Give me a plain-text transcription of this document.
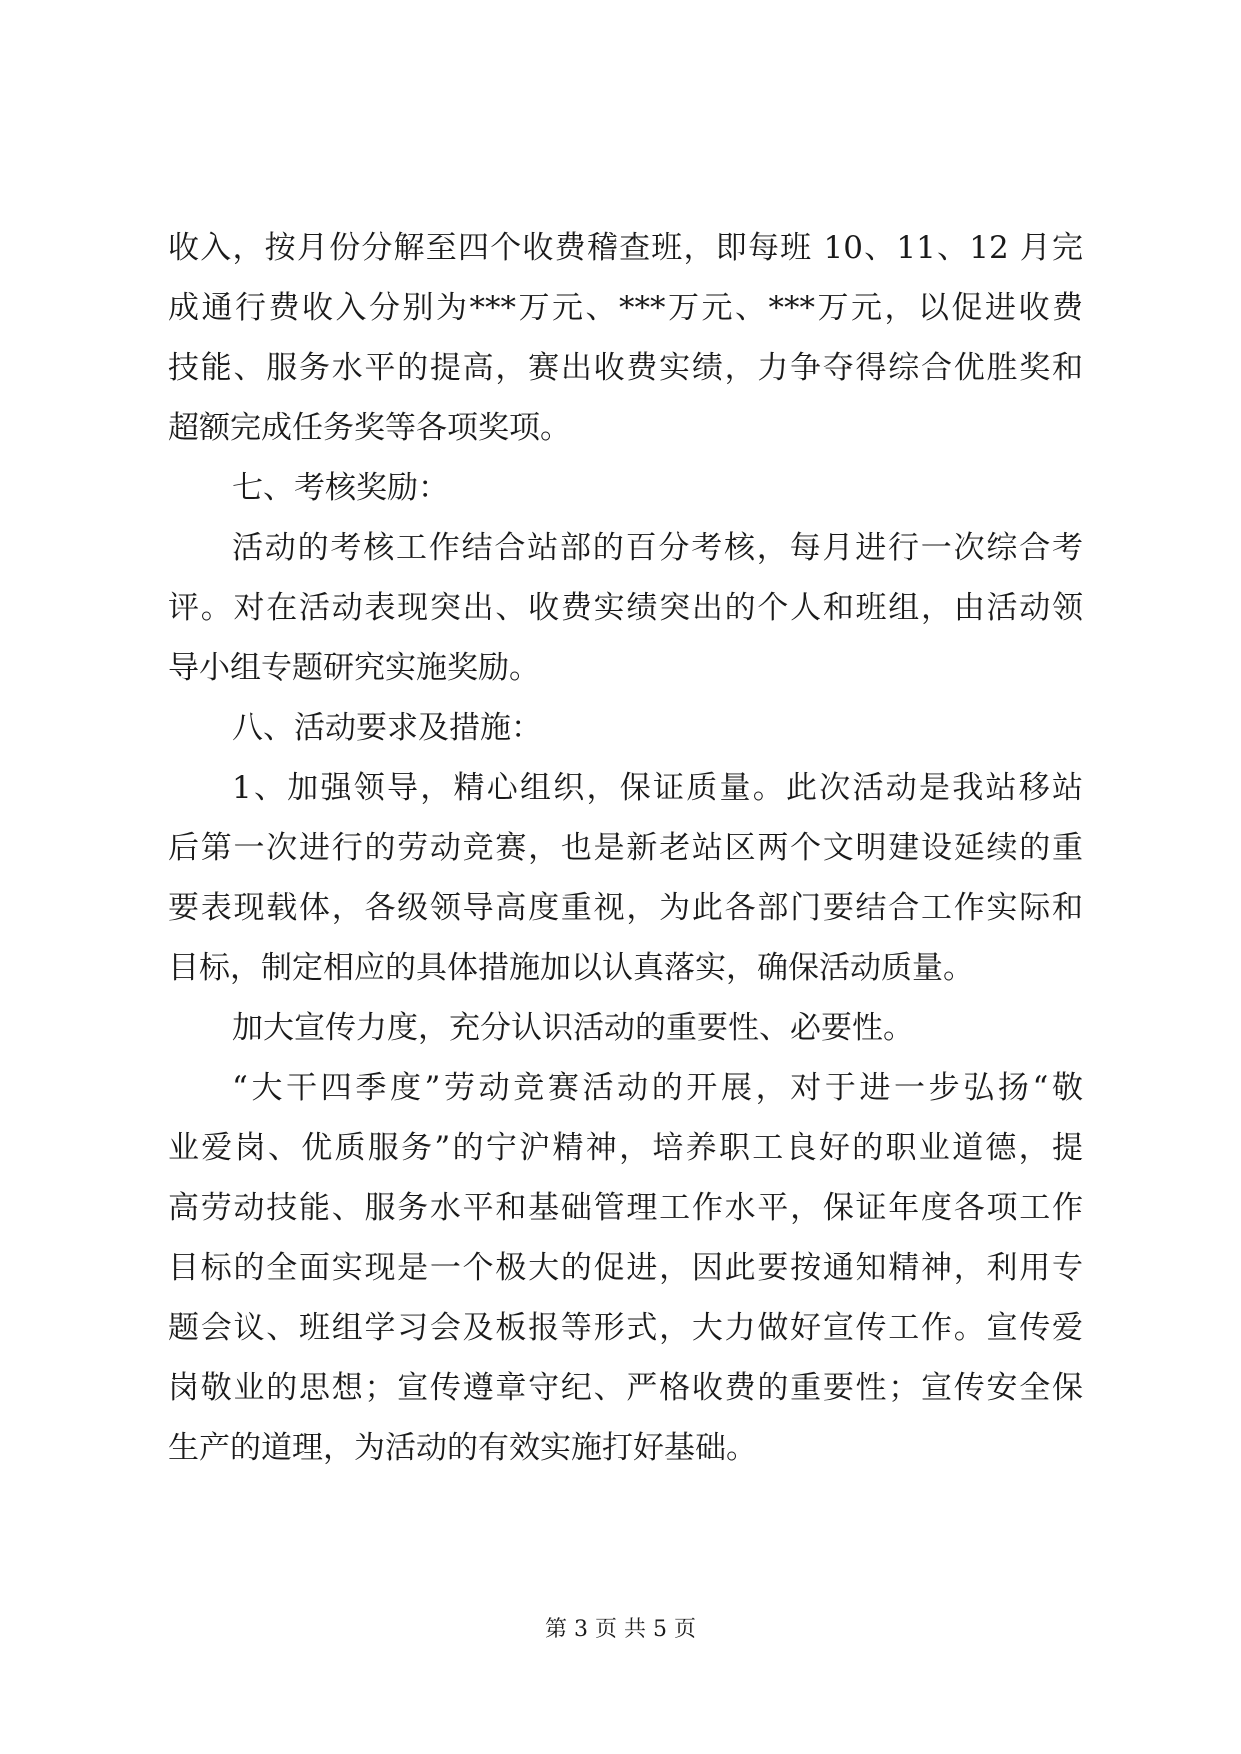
收入，按月份分解至四个收费稽查班，即每班 10、11、12 月完
成通行费收入分别为***万元、***万元、***万元，以促进收费
技能、服务水平的提高，赛出收费实绩，力争夺得综合优胜奖和
超额完成任务奖等各项奖项。
七、考核奖励：
活动的考核工作结合站部的百分考核，每月进行一次综合考
评。对在活动表现突出、收费实绩突出的个人和班组，由活动领
导小组专题研究实施奖励。
八、活动要求及措施：
1、加强领导，精心组织，保证质量。此次活动是我站移站
后第一次进行的劳动竞赛，也是新老站区两个文明建设延续的重
要表现载体，各级领导高度重视，为此各部门要结合工作实际和
目标，制定相应的具体措施加以认真落实，确保活动质量。
加大宣传力度，充分认识活动的重要性、必要性。
“大干四季度”劳动竞赛活动的开展，对于进一步弘扬“敬
业爱岗、优质服务”的宁沪精神，培养职工良好的职业道德，提
高劳动技能、服务水平和基础管理工作水平，保证年度各项工作
目标的全面实现是一个极大的促进，因此要按通知精神，利用专
题会议、班组学习会及板报等形式，大力做好宣传工作。宣传爱
岗敬业的思想；宣传遵章守纪、严格收费的重要性；宣传安全保
生产的道理，为活动的有效实施打好基础。
第 3 页 共 5 页
